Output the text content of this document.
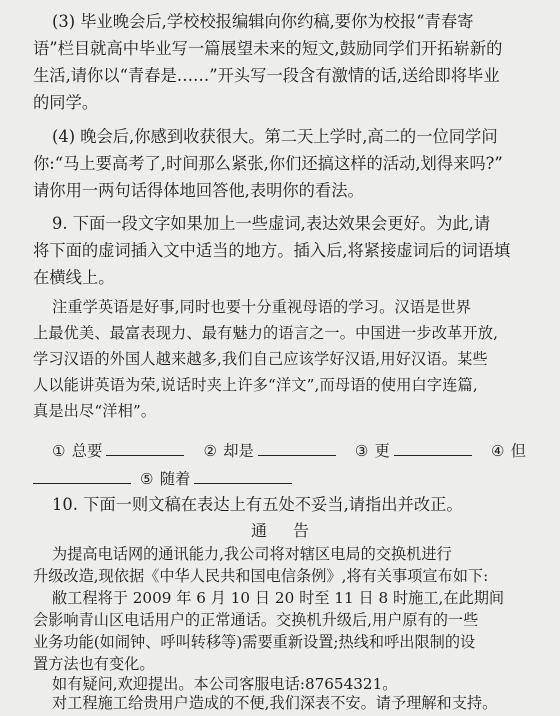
(3) 毕业晚会后,学校校报编辑向你约稿,要你为校报“青春寄
语”栏目就高中毕业写一篇展望未来的短文,鼓励同学们开拓崭新的
生活,请你以“青春是……”开头写一段含有激情的话,送给即将毕业
的同学。
(4) 晚会后,你感到收获很大。第二天上学时,高二的一位同学问
你:“马上要高考了,时间那么紧张,你们还搞这样的活动,划得来吗?”
请你用一两句话得体地回答他,表明你的看法。
9. 下面一段文字如果加上一些虚词,表达效果会更好。为此,请
将下面的虚词插入文中适当的地方。插入后,将紧接虚词后的词语填
在横线上。
注重学英语是好事,同时也要十分重视母语的学习。汉语是世界
上最优美、最富表现力、最有魅力的语言之一。中国进一步改革开放,
学习汉语的外国人越来越多,我们自己应该学好汉语,用好汉语。某些
人以能讲英语为荣,说话时夹上许多“洋文”,而母语的使用白字连篇,
真是出尽“洋相”。
① 总要	② 却是	③ 更	④ 但
⑤ 随着
10. 下面一则文稿在表达上有五处不妥当,请指出并改正。
通告
为提高电话网的通讯能力,我公司将对辖区电局的交换机进行
升级改造,现依据《中华人民共和国电信条例》,将有关事项宣布如下:
敝工程将于 2009 年 6 月 10 日 20 时至 11 日 8 时施工,在此期间
会影响青山区电话用户的正常通话。交换机升级后,用户原有的一些
业务功能(如闹钟、呼叫转移等)需要重新设置;热线和呼出限制的设
置方法也有变化。
如有疑问,欢迎提出。本公司客服电话:87654321。
对工程施工给贵用户造成的不便,我们深表不安。请予理解和支持。
